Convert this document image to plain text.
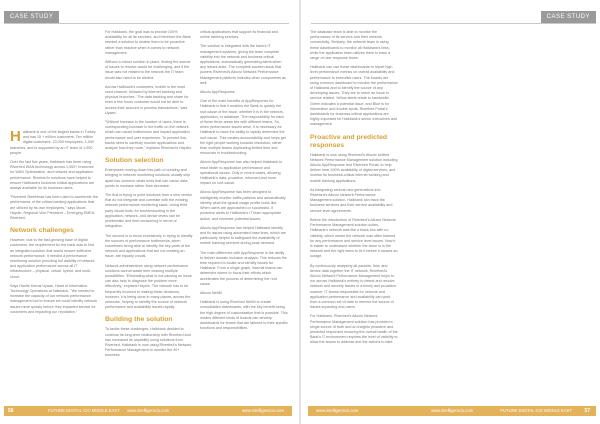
CASE STUDY	CASE STUDY

Halkbank is one of the largest banks in Turkey and has 15 + million customers. Ten million digital customers, 23,000 employees, 1,000 branches, and is supported by an IT team of 1,000 people.

Over the last five years, Halkbank has been using Riverbed WAN technology across 1,000+ branches for WAN Optimization, and network and application performance. Riverbed's solutions have helped to ensure Halkbank's business critical applications are always available for its business users.

"Riverbed SteelHead has been used to accelerate the performance of the critical banking applications that are utilized by its own employees," says Murat Haydin, Regional Vice President – Emerging EMEA, Riverbed.

Network challenges

However, due to the fast-growing base of digital customers, the requirement for the bank was to find an integrated solution that would ensure sufficient network performance. It needed a performance monitoring solution providing full visibility of network and application performance across all IT infrastructure – physical, virtual, hybrid, and multi-cloud.

Says Hanife Kemal Uyaan, Head of Information Technology Operations at Halkbank, "We needed to increase the capacity of our network performance management tool to ensure we could identify network issues more quickly before they impacted service for customers and impacting our reputation."

For Halkbank, the goal was to provide 100% availability for all its services, and therefore the Bank needed a solution to enable them to be proactive rather than reactive when it comes to network management.

Without a robust solution in place, finding the source of issues to resolve would be challenging, and if the issue was not related to the network the IT team would also need to be alerted.

Across Halkbank's customers, mobile is the most used channel, followed by internet banking and physical branches. 'The data banking and share for even a few hours customer would not be able to access their account or process transactions,' said Uyaan.

"Without increase in the number of users, there is corresponding increase in the traffic on the network which can cause bottlenecks and impact application performance and user experience. To prevent this, banks need to carefully monitor applications and analyze how they route," explains Riverbed's Haydin.

Solution selection

Enterprises moving down this path of creating and bringing in network monitoring solutions usually ship apart two common deals ends that can cause data points to increase rather than decrease.

The first is trying to point solutions from a new vendor that do not integrate and correlate with the existing network performance monitoring stack. Using third party visual tools, for troubleshooting in the application, network, and device levels can be problematic and time-consuming in terms of integration.

The second is to focus excessively in trying to identify the sources of performance bottlenecks, when sometimes being able to identify the key parts of the network and applications that are not creating an issue, are equally crucial.

Network administrators using network performance solutions cannot waste time chasing multiple possibilities. 'Eliminating what is not causing an issue can also help to diagnose the problem more effectively,' explains Haydin. The network has to be frequently involved in making these decisions, however, it is being done in many places, across the networks, helping to identify the source of network performance and availability issues rapidly.

Building the solution

To tackle these challenges, Halkbank decided to continue its long-term relationship with Riverbed and has increased its capability using solutions from Riverbed. Halkbank is now using Riverbed's Network Performance Management to monitor the 40+ business

critical applications that support its financial and online banking services.

The solution is integrated with the bank's IT management systems, giving the team complete visibility into the network and business critical applications, automatically generating alerts when any issues arise. The complete solution stack that powers Riverbed's Alluvio Network Performance Management platform includes other components as well.

Alluvio AppResponse

One of the main benefits of AppResponse for Halkbank is that it enables the Bank to quickly the root cause of the issue, whether it is in the network, application, or database. The responsibility for each of these three areas lies with different teams. So, when performance issues arise, it is necessary for Halkbank to have the ability to rapidly determine the root cause. This creates accountability and helps get the right people working towards resolution, rather than multiple teams duplicating limited time and resources in troubleshooting.

Alluvio AppResponse has also helped Halkbank to react faster to application performance and operational issues. Only in recent cases, allowing Halkbank's data, proactive, informed and more impact on root cause.

Alluvio AppResponse has been designed to intelligently monitor traffic patterns and automatically identify what the typical usage profile looks like. When users are approached or successful, it proactive alerts to Halkbank's IT team appropriate action, and minimize potential issues.

Alluvio AppResponse has helped Halkbank identify and fix issues using automated base lines, which are particularly helpful to safeguard the availability of mobile banking services during peak demand.

The main difference with AppResponse is the ability to deliver domain inclusion analysis. This reduces the time required to locate and identify issues for Halkbank. From a single graph, internal teams can determine where to focus their efforts which accelerates the process of determining the root cause.

Alluvio NetIM

Halkbank is using Riverbed NetIM to create consolidated dashboards, with the key benefit being the high degree of customization that is possible. This means different kinds of boards can develop dashboards for teams that are tailored to their specific functions and responsibilities.

The database team is able to monitor the performance of its servers and their network connectivity. Similarly, the network team is using these dashboards to monitor all Halkbank's links, while the application team utilizes them to track a range of user response times.

Halkbank can use these dashboards to report high level performance metrics on overall availability and performance to executive users. The boards are using common dashboard to monitor the performance of Halkbank and to identify the source of any developing issues. They are to reach an issue to service related. Yellow alerts relate to bandwidth. Green indicates a potential issue, and Blue is for information and trouble spots. Riverbed Portal's dashboards for business-critical applications are highly important for Halkbank's senior executives and management.

Proactive and predicted responses

Halkbank is now using Riverbed's Alluvio Unified Network Performance Management solution including Alluvio AppResponse and Riverbed Portal, to help deliver near 100% availability of digital services, and monitor its business-critical internet banking and mobile banking applications.

As integrating various new generations into Riverbed's Alluvio Network Performance Management solution, Halkbank can track the business services and their service availability and service level agreements.

Before the introduction of Riverbed's Alluvio Network Performance Management solution suites, Halkbank's network was like a black box with no visibility, which meant the network was often blamed for any performance and service level issues. Now it is easier to understand whether the issue is in the network and the right team to fix it before it causes an outage.

By continuously analyzing all packets, flow, and device data together the IT network, Riverbed's Alluvio Network Performance Management helps to run across Halkbank's entirety to detect and resolve network and security issues in a timely and proactive manner. IT teams responsible for network and application performance and availability can work from a common set of data to remove the source of issues impacting end-users.

For Halkbank, Riverbed's Alluvio Network Performance Management solution has provided a single source of truth and an insights proactive and predicted responses ensuring the overall health of the Bank's IT environment requires the level of visibility to allow the issues to address and the actions to take.

56	FUTURE DIGITAL CIO MIDDLE EAST www.intelligentcio.com	www.intelligentcio.com	www.intelligentcio.com	www.intelligentcio.com	FUTURE DIGITAL CIO MIDDLE EAST	57
